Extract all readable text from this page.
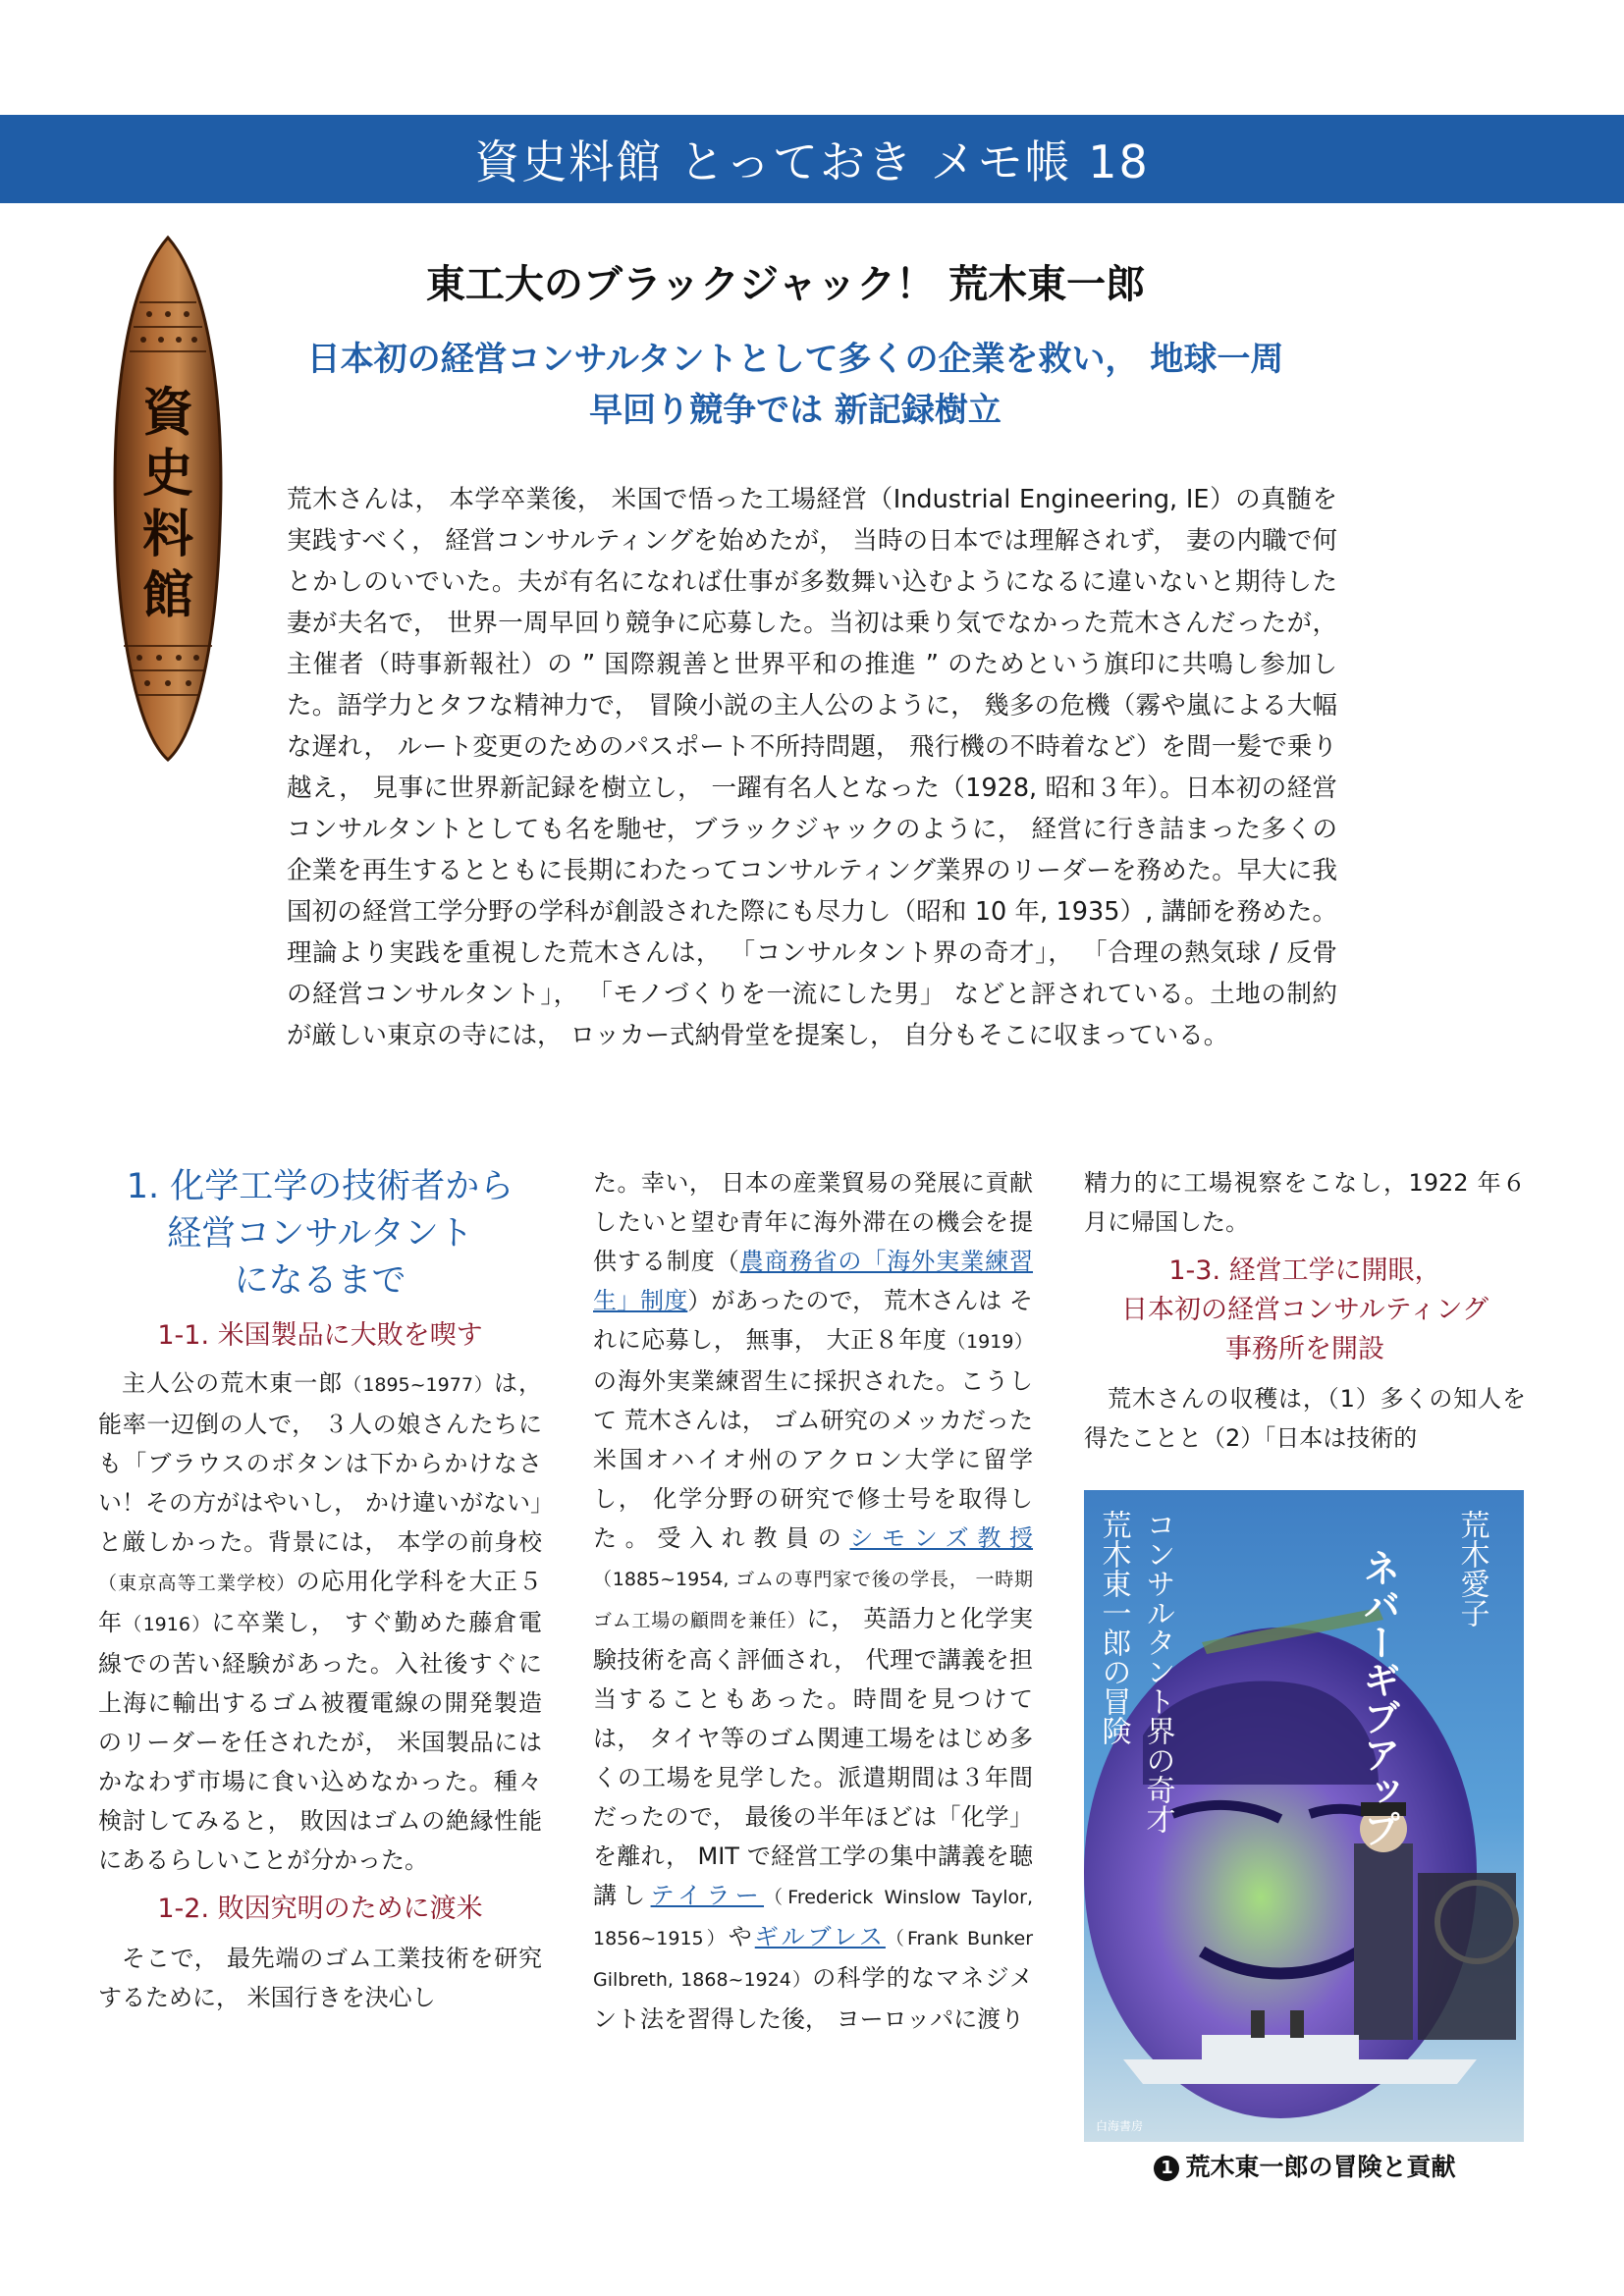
資史料館 とっておき メモ帳 18
資
史
料
館
東工大のブラックジャック！ 荒木東一郎
日本初の経営コンサルタントとして多くの企業を救い， 地球一周
早回り競争では 新記録樹立
荒木さんは， 本学卒業後， 米国で悟った工場経営（Industrial Engineering, IE）の真髄を実践すべく， 経営コンサルティングを始めたが， 当時の日本では理解されず， 妻の内職で何とかしのいでいた。夫が有名になれば仕事が多数舞い込むようになるに違いないと期待した妻が夫名で， 世界一周早回り競争に応募した。当初は乗り気でなかった荒木さんだったが， 主催者（時事新報社）の ” 国際親善と世界平和の推進 ” のためという旗印に共鳴し参加した。語学力とタフな精神力で， 冒険小説の主人公のように， 幾多の危機（霧や嵐による大幅な遅れ， ルート変更のためのパスポート不所持問題， 飛行機の不時着など）を間一髪で乗り越え， 見事に世界新記録を樹立し， 一躍有名人となった（1928, 昭和３年）。日本初の経営コンサルタントとしても名を馳せ，ブラックジャックのように， 経営に行き詰まった多くの企業を再生するとともに長期にわたってコンサルティング業界のリーダーを務めた。早大に我国初の経営工学分野の学科が創設された際にも尽力し（昭和 10 年, 1935）, 講師を務めた。理論より実践を重視した荒木さんは， 「コンサルタント界の奇才」， 「合理の熱気球 / 反骨の経営コンサルタント」， 「モノづくりを一流にした男」 などと評されている。土地の制約が厳しい東京の寺には， ロッカー式納骨堂を提案し， 自分もそこに収まっている。
1. 化学工学の技術者から
経営コンサルタント
になるまで
1-1. 米国製品に大敗を喫す

主人公の荒木東一郎（1895~1977）は， 能率一辺倒の人で， ３人の娘さんたちにも「ブラウスのボタンは下からかけなさい！その方がはやいし， かけ違いがない」と厳しかった。背景には， 本学の前身校（東京高等工業学校）の応用化学科を大正５年（1916）に卒業し， すぐ勤めた藤倉電線での苦い経験があった。入社後すぐに上海に輸出するゴム被覆電線の開発製造のリーダーを任されたが， 米国製品にはかなわず市場に食い込めなかった。種々検討してみると， 敗因はゴムの絶縁性能にあるらしいことが分かった。

1-2. 敗因究明のために渡米

そこで， 最先端のゴム工業技術を研究するために， 米国行きを決心し

た。幸い， 日本の産業貿易の発展に貢献したいと望む青年に海外滞在の機会を提供する制度（農商務省の「海外実業練習生」制度）があったので， 荒木さんは それに応募し， 無事， 大正８年度（1919）の海外実業練習生に採択された。こうして 荒木さんは， ゴム研究のメッカだった米国オハイオ州のアクロン大学に留学し， 化学分野の研究で修士号を取得した。受入れ教員のシモンズ教授（1885~1954, ゴムの専門家で後の学長， 一時期ゴム工場の顧問を兼任）に， 英語力と化学実験技術を高く評価され， 代理で講義を担当することもあった。時間を見つけては， タイヤ等のゴム関連工場をはじめ多くの工場を見学した。派遣期間は３年間だったので， 最後の半年ほどは「化学」を離れ， MIT で経営工学の集中講義を聴講しテイラー（Frederick Winslow Taylor, 1856~1915）やギルブレス（Frank Bunker Gilbreth, 1868~1924）の科学的なマネジメント法を習得した後， ヨーロッパに渡り

精力的に工場視察をこなし，1922 年６月に帰国した。

1-3. 経営工学に開眼，
日本初の経営コンサルティング
事務所を開設

荒木さんの収穫は，（1）多くの知人を得たことと（2）「日本は技術的

ネバーギブアップ 荒木愛子
コンサルタント界の奇才
荒木東一郎の冒険
白海書房
1 荒木東一郎の冒険と貢献
